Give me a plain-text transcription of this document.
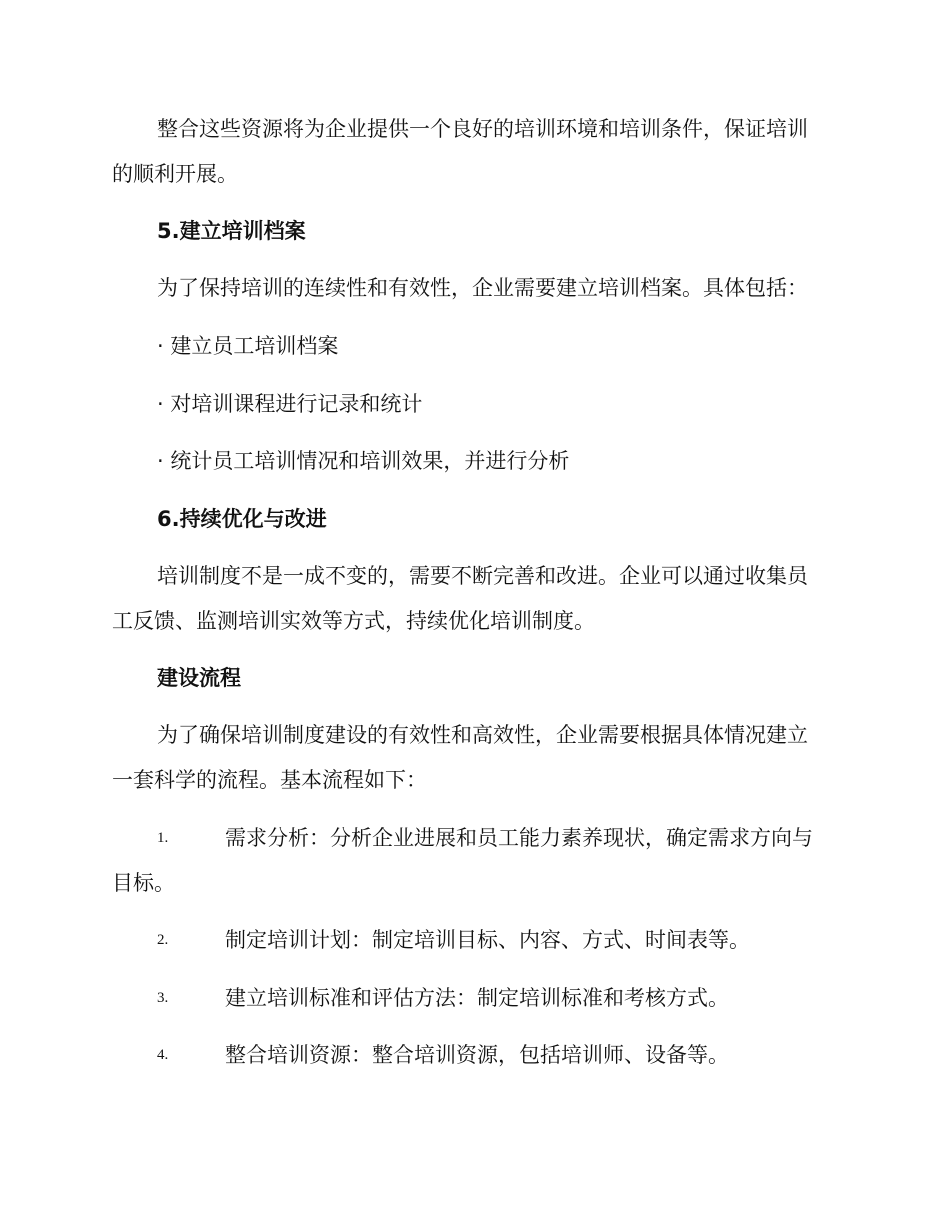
整合这些资源将为企业提供一个良好的培训环境和培训条件，保证培训
的顺利开展。
5.建立培训档案
为了保持培训的连续性和有效性，企业需要建立培训档案。具体包括：
· 建立员工培训档案
· 对培训课程进行记录和统计
· 统计员工培训情况和培训效果，并进行分析
6.持续优化与改进
培训制度不是一成不变的，需要不断完善和改进。企业可以通过收集员
工反馈、监测培训实效等方式，持续优化培训制度。
建设流程
为了确保培训制度建设的有效性和高效性，企业需要根据具体情况建立
一套科学的流程。基本流程如下：
1.	需求分析：分析企业进展和员工能力素养现状，确定需求方向与
目标。
2.	制定培训计划：制定培训目标、内容、方式、时间表等。
3.	建立培训标准和评估方法：制定培训标准和考核方式。
4.	整合培训资源：整合培训资源，包括培训师、设备等。
